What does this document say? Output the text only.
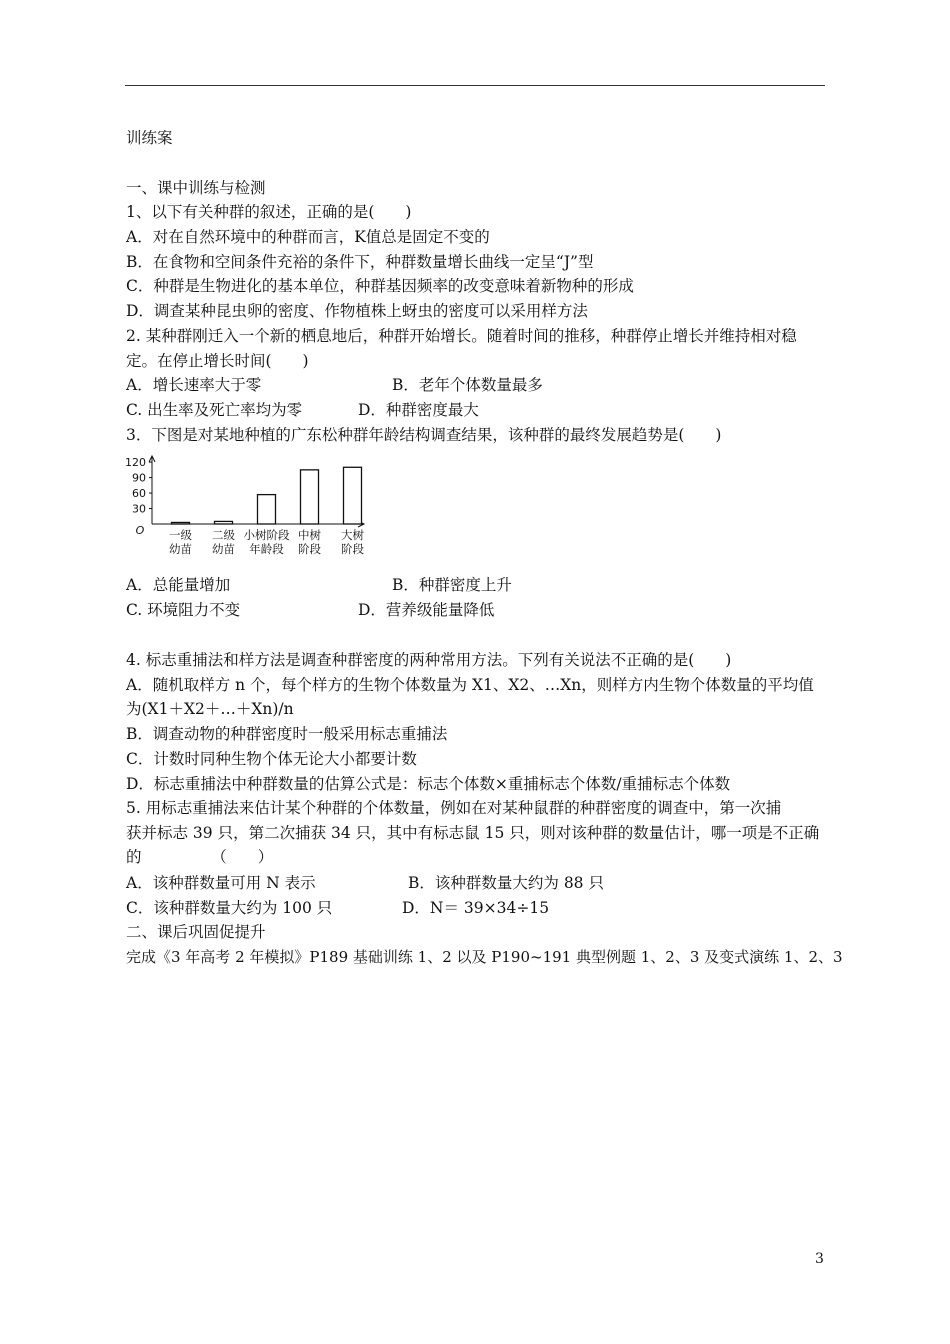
训练案
一、课中训练与检测
1、以下有关种群的叙述，正确的是(　　)
A．对在自然环境中的种群而言，K值总是固定不变的
B．在食物和空间条件充裕的条件下，种群数量增长曲线一定呈“J”型
C．种群是生物进化的基本单位，种群基因频率的改变意味着新物种的形成
D．调查某种昆虫卵的密度、作物植株上蚜虫的密度可以采用样方法
2. 某种群刚迁入一个新的栖息地后，种群开始增长。随着时间的推移，种群停止增长并维持相对稳
定。在停止增长时间(　　)
A．增长速率大于零	B．老年个体数量最多
C. 出生率及死亡率均为零	D．种群密度最大
3．下图是对某地种植的广东松种群年龄结构调查结果，该种群的最终发展趋势是(　　)
30
60
90
120
O 一级
幼苗
二级
幼苗
小树阶段
年龄段
中树
阶段
大树
阶段
A．总能量增加	B．种群密度上升
C. 环境阻力不变	D．营养级能量降低
4. 标志重捕法和样方法是调查种群密度的两种常用方法。下列有关说法不正确的是(　　)
A．随机取样方 n 个，每个样方的生物个体数量为 X1、X2、…Xn，则样方内生物个体数量的平均值
为(X1＋X2＋…＋Xn)/n
B．调查动物的种群密度时一般采用标志重捕法
C．计数时同种生物个体无论大小都要计数
D．标志重捕法中种群数量的估算公式是：标志个体数×重捕标志个体数/重捕标志个体数
5. 用标志重捕法来估计某个种群的个体数量，例如在对某种鼠群的种群密度的调查中，第一次捕
获并标志 39 只，第二次捕获 34 只，其中有标志鼠 15 只，则对该种群的数量估计，哪一项是不正确
的　　　　　（　　）
A．该种群数量可用 N 表示	B．该种群数量大约为 88 只
C．该种群数量大约为 100 只	D．N＝ 39×34÷15
二、课后巩固促提升
完成《3 年高考 2 年模拟》P189 基础训练 1、2 以及 P190~191 典型例题 1、2、3 及变式演练 1、2、3
3
